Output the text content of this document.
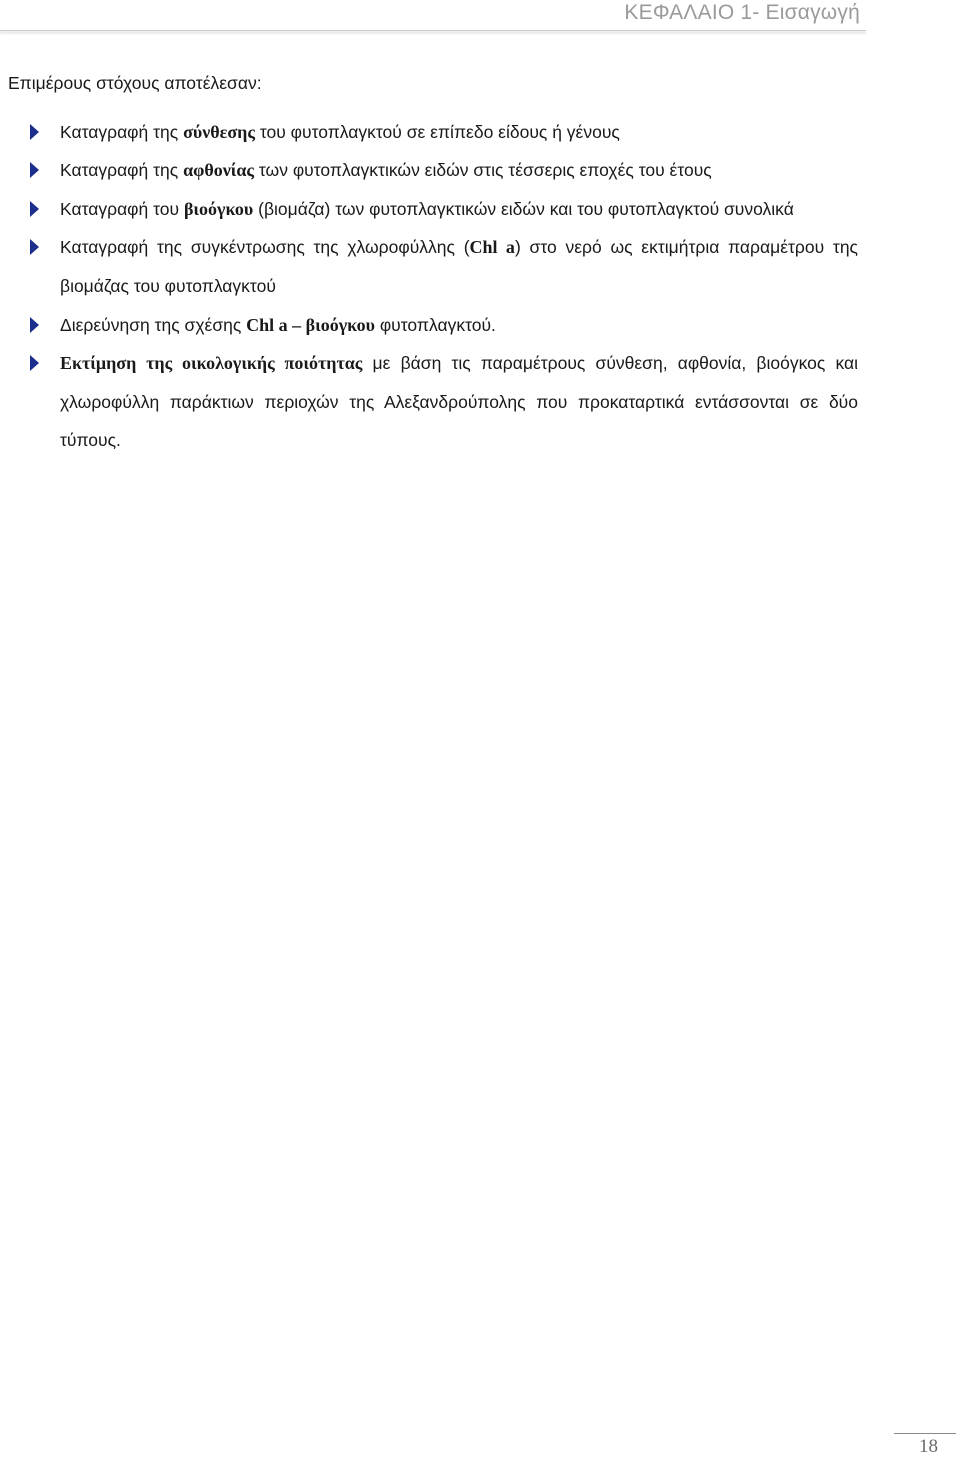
ΚΕΦΑΛΑΙΟ 1- Εισαγωγή

Επιμέρους στόχους αποτέλεσαν:

Καταγραφή της σύνθεσης του φυτοπλαγκτού σε επίπεδο είδους ή γένους
Καταγραφή της αφθονίας των φυτοπλαγκτικών ειδών στις τέσσερις εποχές του έτους
Καταγραφή του βιοόγκου (βιομάζα) των φυτοπλαγκτικών ειδών και του φυτοπλαγκτού συνολικά
Καταγραφή της συγκέντρωσης της χλωροφύλλης (Chl a) στο νερό ως εκτιμήτρια παραμέτρου της βιομάζας του φυτοπλαγκτού
Διερεύνηση της σχέσης Chl a – βιοόγκου φυτοπλαγκτού.
Εκτίμηση της οικολογικής ποιότητας με βάση τις παραμέτρους σύνθεση, αφθονία, βιοόγκος και χλωροφύλλη παράκτιων περιοχών της Αλεξανδρούπολης που προκαταρτικά εντάσσονται σε δύο τύπους.
18
